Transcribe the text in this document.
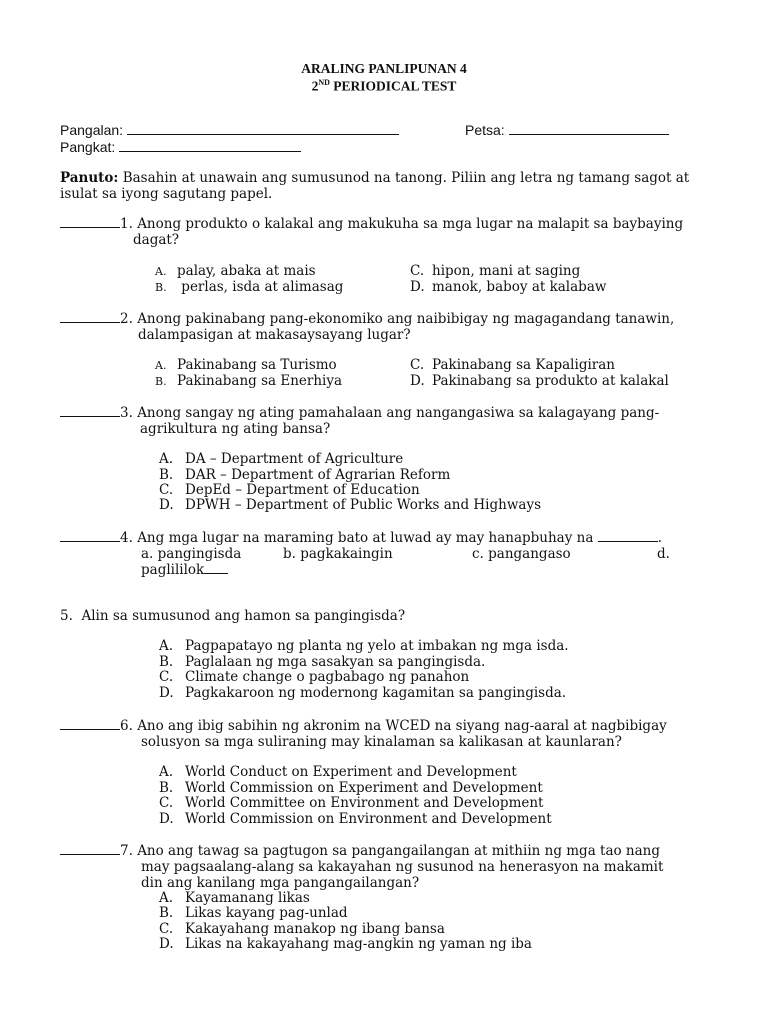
ARALING PANLIPUNAN 4
2ND PERIODICAL TEST
Pangalan:	Petsa:
Pangkat:
Panuto: Basahin at unawain ang sumusunod na tanong. Piliin ang letra ng tamang sagot at
isulat sa iyong sagutang papel.
1. Anong produkto o kalakal ang makukuha sa mga lugar na malapit sa baybaying
dagat?
A. palay, abaka at mais
B. perlas, isda at alimasag
C. hipon, mani at saging
D. manok, baboy at kalabaw
2. Anong pakinabang pang-ekonomiko ang naibibigay ng magagandang tanawin,
dalampasigan at makasaysayang lugar?
A. Pakinabang sa Turismo
B. Pakinabang sa Enerhiya
C. Pakinabang sa Kapaligiran
D. Pakinabang sa produkto at kalakal
3. Anong sangay ng ating pamahalaan ang nangangasiwa sa kalagayang pang-
agrikultura ng ating bansa?
A. DA – Department of Agriculture
B. DAR – Department of Agrarian Reform
C. DepEd – Department of Education
D. DPWH – Department of Public Works and Highways
4. Ang mga lugar na maraming bato at luwad ay may hanapbuhay na	.
a. pangingisda	b. pagkakaingin	c. pangangaso	d.
paglililok
5. Alin sa sumusunod ang hamon sa pangingisda?
A. Pagpapatayo ng planta ng yelo at imbakan ng mga isda.
B. Paglalaan ng mga sasakyan sa pangingisda.
C. Climate change o pagbabago ng panahon
D. Pagkakaroon ng modernong kagamitan sa pangingisda.
6. Ano ang ibig sabihin ng akronim na WCED na siyang nag-aaral at nagbibigay
solusyon sa mga suliraning may kinalaman sa kalikasan at kaunlaran?
A. World Conduct on Experiment and Development
B. World Commission on Experiment and Development
C. World Committee on Environment and Development
D. World Commission on Environment and Development
7. Ano ang tawag sa pagtugon sa pangangailangan at mithiin ng mga tao nang
may pagsaalang-alang sa kakayahan ng susunod na henerasyon na makamit
din ang kanilang mga pangangailangan?
A. Kayamanang likas
B. Likas kayang pag-unlad
C. Kakayahang manakop ng ibang bansa
D. Likas na kakayahang mag-angkin ng yaman ng iba
